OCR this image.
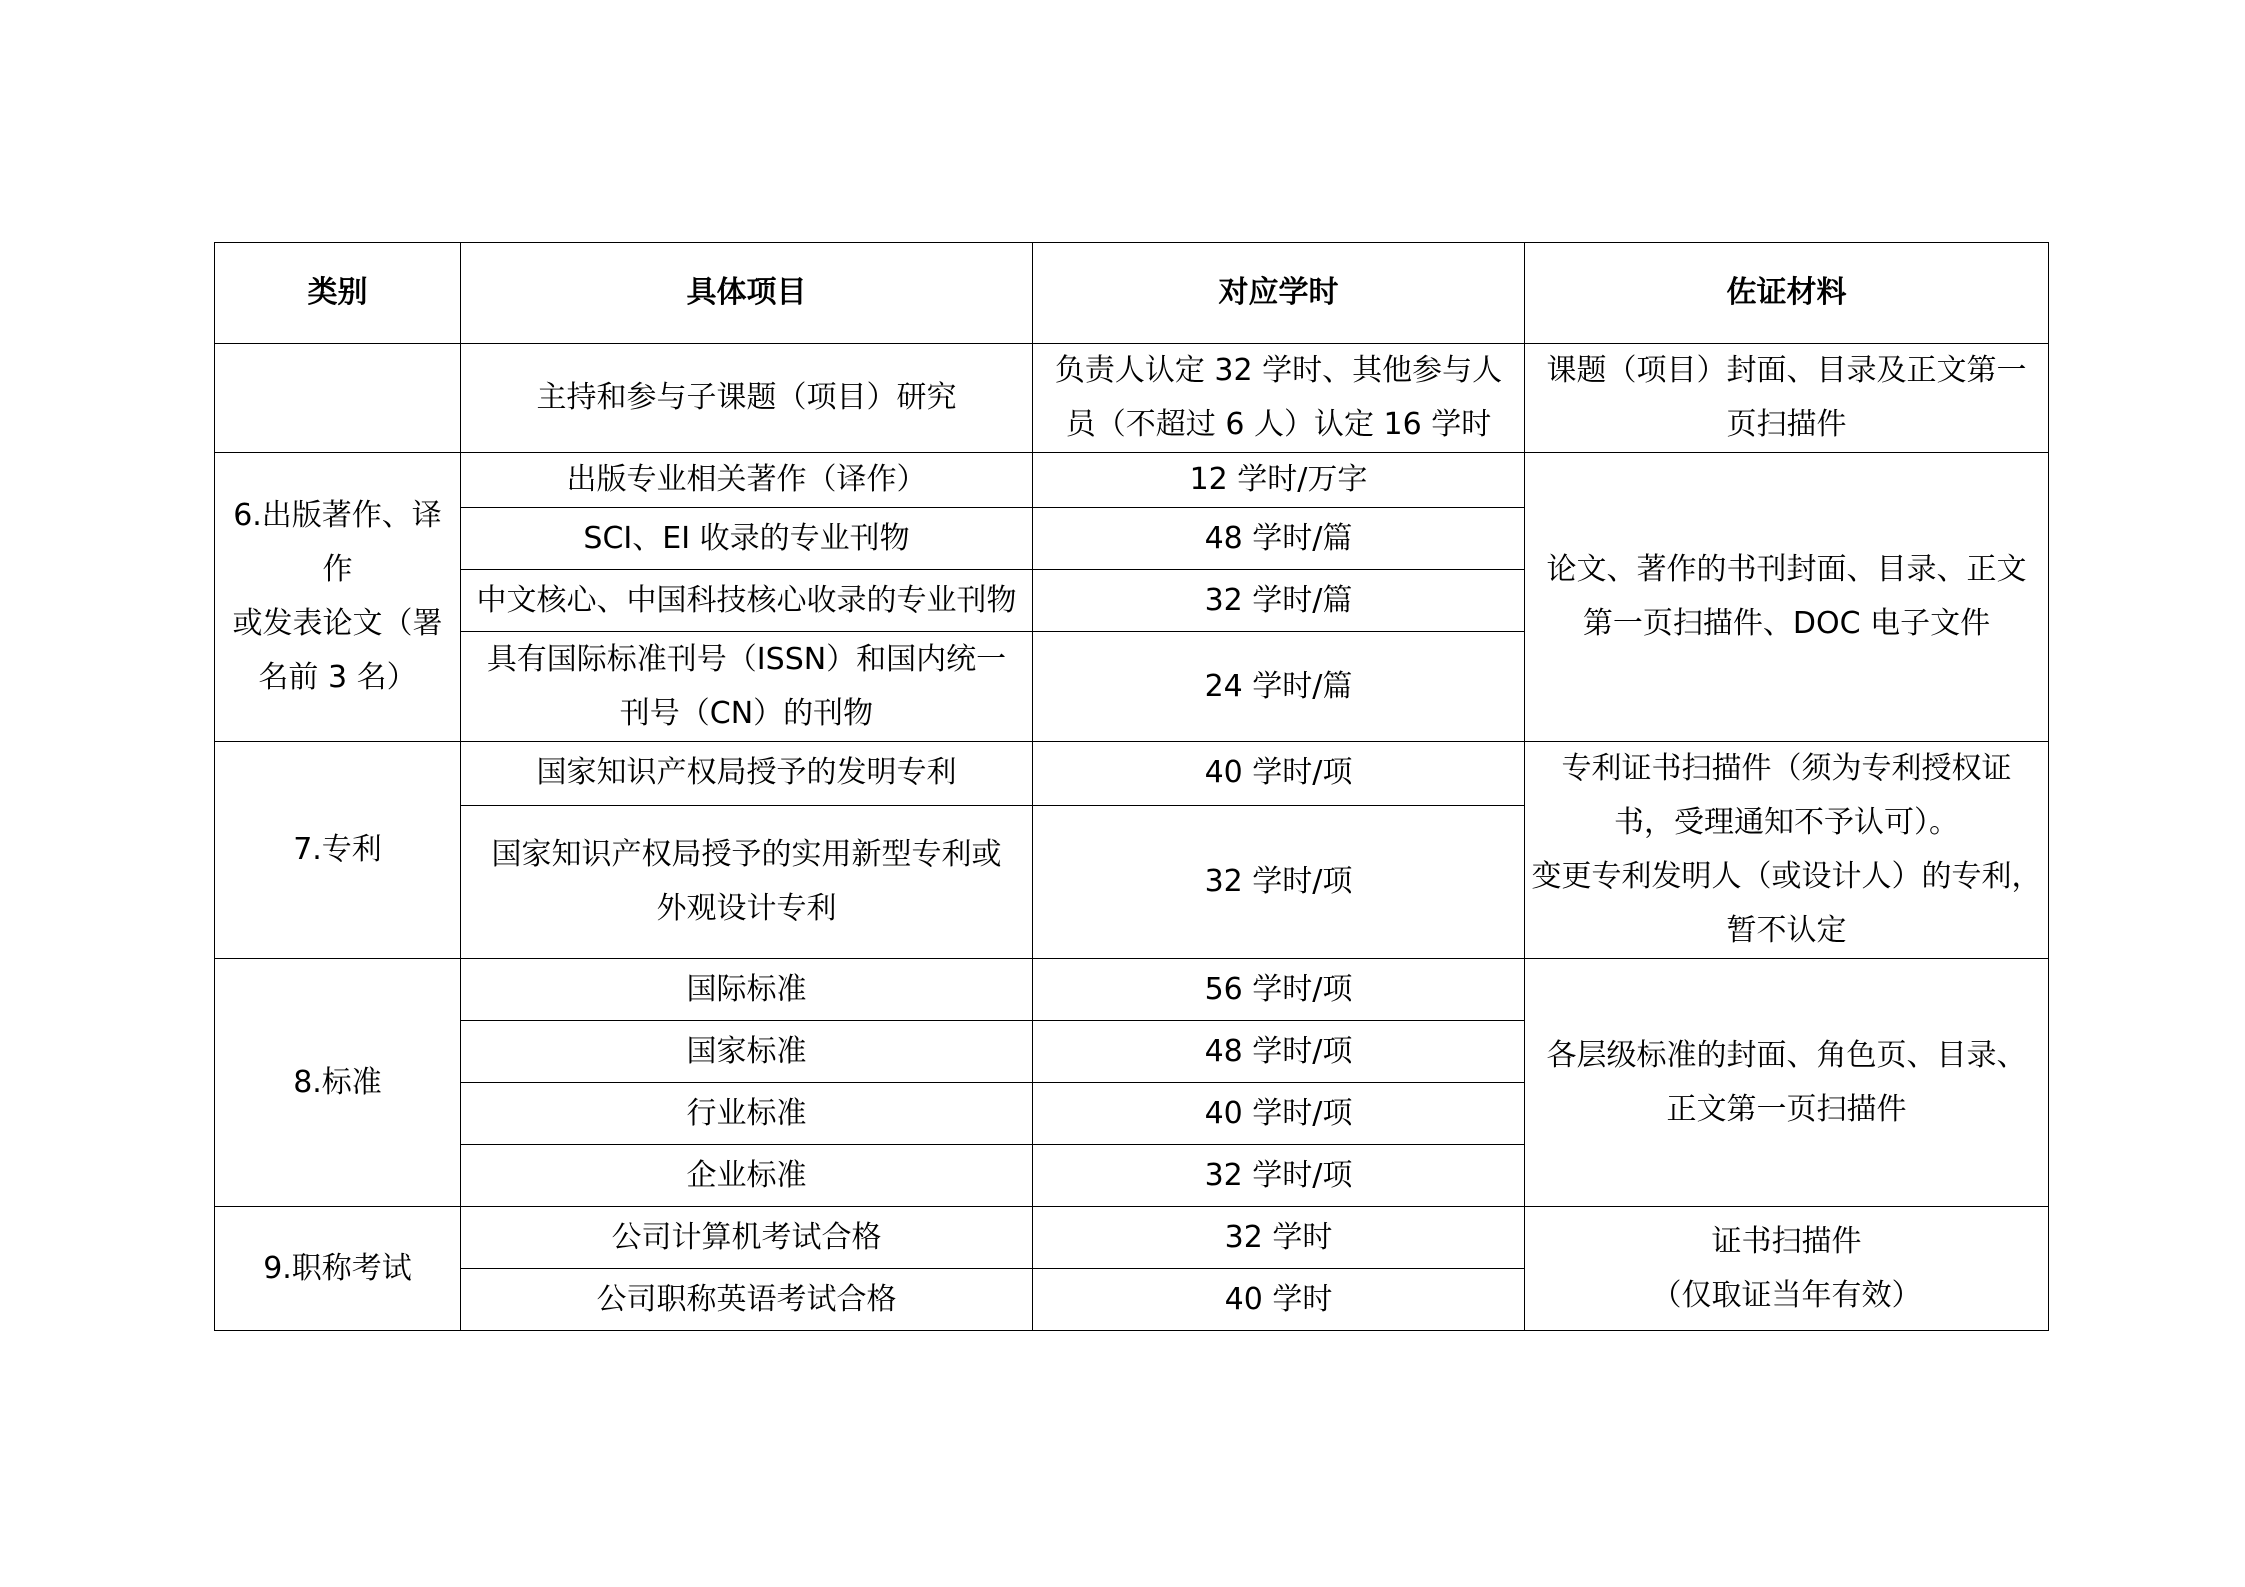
类别	具体项目	对应学时	佐证材料
	主持和参与子课题（项目）研究	负责人认定 32 学时、其他参与人
员（不超过 6 人）认定 16 学时	课题（项目）封面、目录及正文第一
页扫描件

6.出版著作、译作
或发表论文（署
名前 3 名）	出版专业相关著作（译作）	12 学时/万字	论文、著作的书刊封面、目录、正文
第一页扫描件、DOC 电子文件

	SCI、EI 收录的专业刊物	48 学时/篇	
	中文核心、中国科技核心收录的专业刊物	32 学时/篇	

	具有国际标准刊号（ISSN）和国内统一
刊号（CN）的刊物	24 学时/篇	
7.专利	国家知识产权局授予的发明专利	40 学时/项	专利证书扫描件（须为专利授权证
书，受理通知不予认可）。
变更专利发明人（或设计人）的专利，
暂不认定

	国家知识产权局授予的实用新型专利或
外观设计专利	32 学时/项	
8.标准	国际标准	56 学时/项	各层级标准的封面、角色页、目录、
正文第一页扫描件

	国家标准	48 学时/项	
	行业标准	40 学时/项	
	企业标准	32 学时/项	
9.职称考试	公司计算机考试合格	32 学时	证书扫描件
（仅取证当年有效）

	公司职称英语考试合格	40 学时	
